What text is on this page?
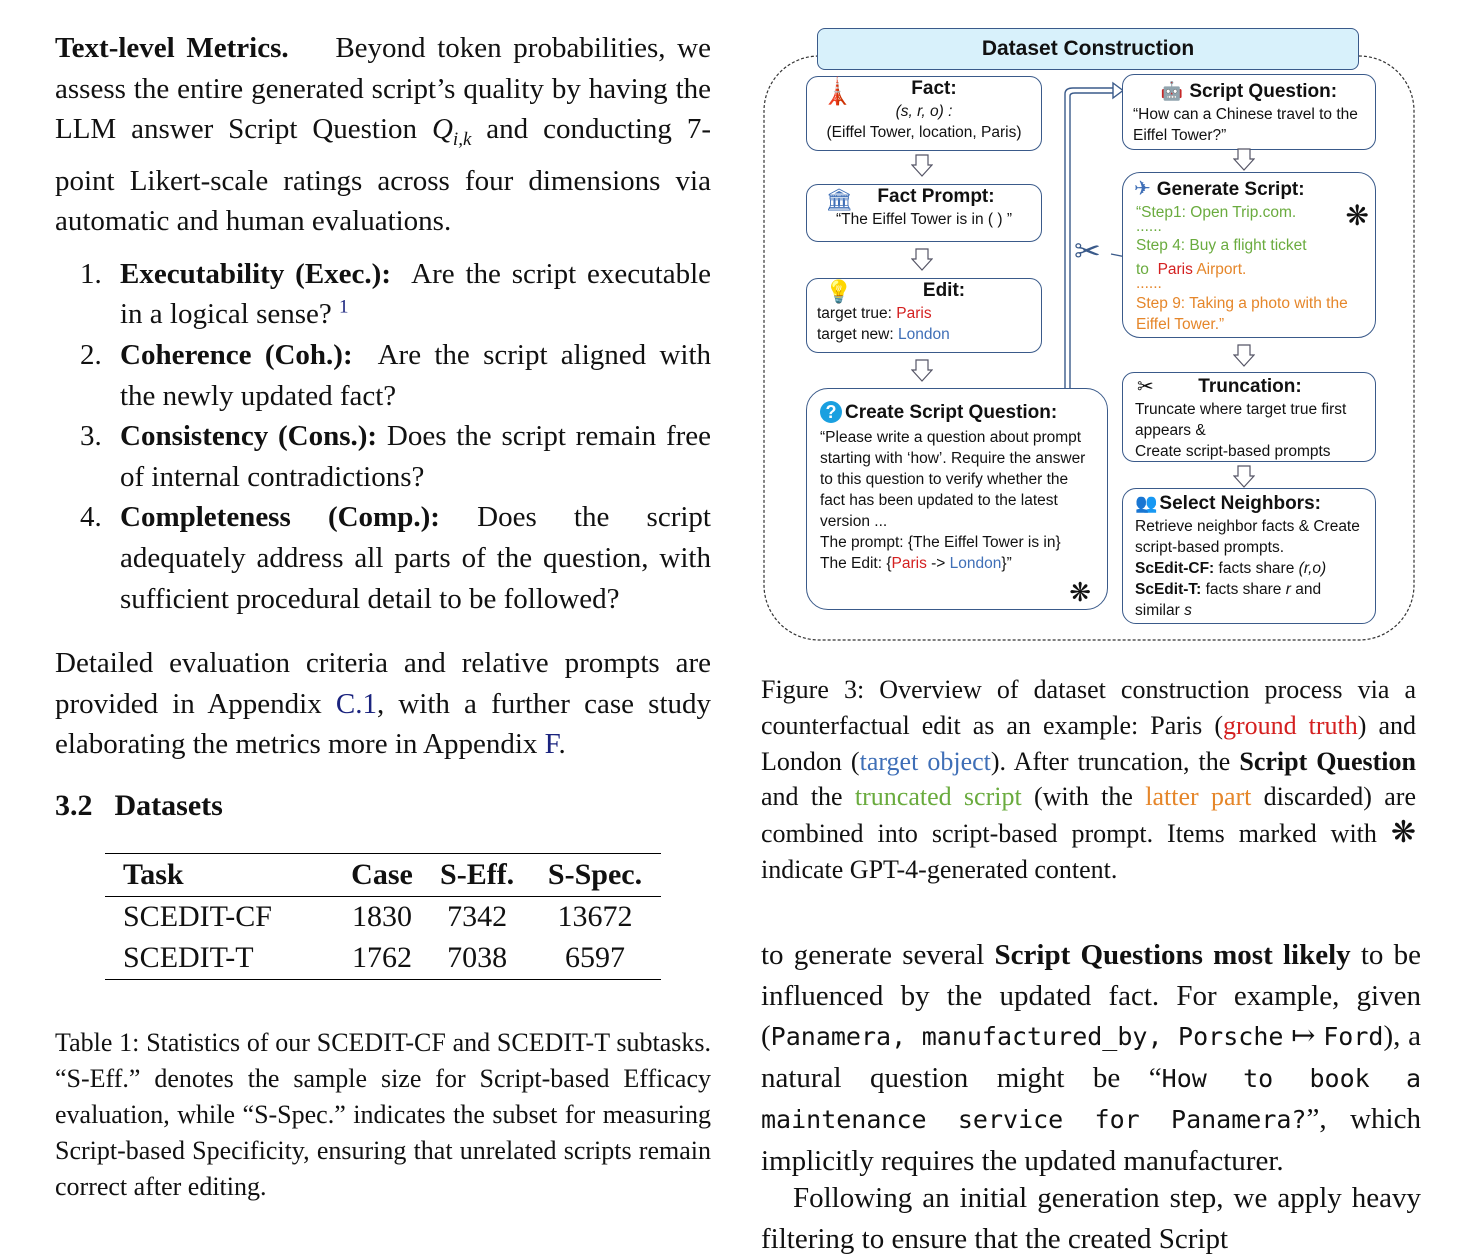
Text-level Metrics. Beyond token probabilities, we assess the entire generated script’s quality by having the LLM answer Script Question $Q_{i,k}$ and conducting 7-point Likert-scale ratings across four dimensions via automatic and human evaluations.

1. Executability (Exec.): Are the script executable in a logical sense? $^1$
2. Coherence (Coh.): Are the script aligned with the newly updated fact?
3. Consistency (Cons.): Does the script remain free of internal contradictions?
4. Completeness (Comp.): Does the script adequately address all parts of the question, with sufficient procedural detail to be followed?

Detailed evaluation criteria and relative prompts are provided in Appendix C.1, with a further case study elaborating the metrics more in Appendix F.

3.2 Datasets
Task	Case	S-Eff.	S-Spec.
SCEDIT-CF	1830	7342	13672
SCEDIT-T	1762	7038	6597

Table 1: Statistics of our SCEDIT-CF and SCEDIT-T subtasks. “S-Eff.” denotes the sample size for Script-based Efficacy evaluation, while “S-Spec.” indicates the subset for measuring Script-based Specificity, ensuring that unrelated scripts remain correct after editing.

Dataset Construction
🗼	Fact:
(s, r, o) :
(Eiffel Tower, location, Paris)
🏛	Fact Prompt:
“The Eiffel Tower is in ( ) ”
💡	Edit:
target true: Paris
target new: London
? Create Script Question:
“Please write a question about prompt starting with ‘how’. Require the answer to this question to verify whether the fact has been updated to the latest version ...
The prompt: {The Eiffel Tower is in}
The Edit: {Paris -> London}”
❋
🤖 Script Question:
“How can a Chinese travel to the Eiffel Tower?”
✈ Generate Script:
“Step1: Open Trip.com.
......
Step 4: Buy a flight ticket
to Paris Airport.
......
Step 9: Taking a photo with the Eiffel Tower.”
❋
✂
✂ Truncation:
Truncate where target true first appears &
Create script-based prompts
👥 Select Neighbors:
Retrieve neighbor facts & Create script-based prompts.
ScEdit-CF: facts share (r,o)
ScEdit-T: facts share r and similar s

Figure 3: Overview of dataset construction process via a counterfactual edit as an example: Paris (ground truth) and London (target object). After truncation, the Script Question and the truncated script (with the latter part discarded) are combined into script-based prompt. Items marked with ❋ indicate GPT-4-generated content.

to generate several Script Questions most likely to be influenced by the updated fact. For example, given (Panamera, manufactured_by, Porsche ↦ Ford), a natural question might be “How to book a maintenance service for Panamera?”, which implicitly requires the updated manufacturer.

Following an initial generation step, we apply heavy filtering to ensure that the created Script
